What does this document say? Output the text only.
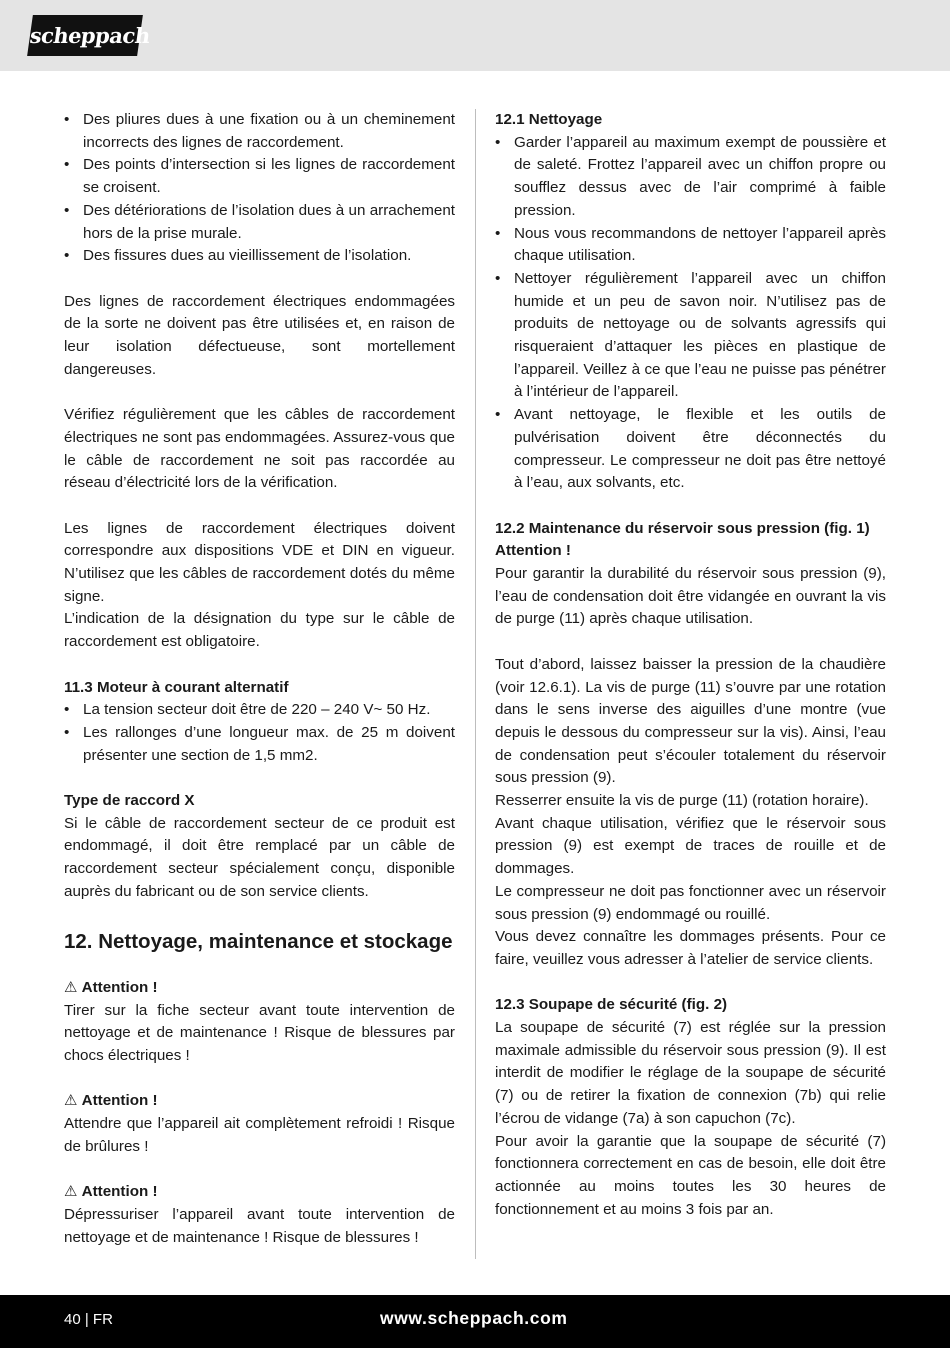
scheppach
• Des pliures dues à une fixation ou à un cheminement incorrects des lignes de raccordement.
• Des points d’intersection si les lignes de raccordement se croisent.
• Des détériorations de l’isolation dues à un arrachement hors de la prise murale.
• Des fissures dues au vieillissement de l’isolation.

Des lignes de raccordement électriques endommagées de la sorte ne doivent pas être utilisées et, en raison de leur isolation défectueuse, sont mortellement dangereuses.

Vérifiez régulièrement que les câbles de raccordement électriques ne sont pas endommagées. Assurez-vous que le câble de raccordement ne soit pas raccordée au réseau d’électricité lors de la vérification.

Les lignes de raccordement électriques doivent correspondre aux dispositions VDE et DIN en vigueur. N’utilisez que les câbles de raccordement dotés du même signe.

L’indication de la désignation du type sur le câble de raccordement est obligatoire.

11.3 Moteur à courant alternatif

• La tension secteur doit être de 220 – 240 V~ 50 Hz.
• Les rallonges d’une longueur max. de 25 m doivent présenter une section de 1,5 mm2.

Type de raccord X

Si le câble de raccordement secteur de ce produit est endommagé, il doit être remplacé par un câble de raccordement secteur spécialement conçu, disponible auprès du fabricant ou de son service clients.

12. Nettoyage, maintenance et stockage

⚠ Attention !

Tirer sur la fiche secteur avant toute intervention de nettoyage et de maintenance ! Risque de blessures par chocs électriques !

⚠ Attention !

Attendre que l’appareil ait complètement refroidi ! Risque de brûlures !

⚠ Attention !

Dépressuriser l’appareil avant toute intervention de nettoyage et de maintenance ! Risque de blessures !

12.1 Nettoyage

• Garder l’appareil au maximum exempt de poussière et de saleté. Frottez l’appareil avec un chiffon propre ou soufflez dessus avec de l’air comprimé à faible pression.
• Nous vous recommandons de nettoyer l’appareil après chaque utilisation.
• Nettoyer régulièrement l’appareil avec un chiffon humide et un peu de savon noir. N’utilisez pas de produits de nettoyage ou de solvants agressifs qui risqueraient d’attaquer les pièces en plastique de l’appareil. Veillez à ce que l’eau ne puisse pas pénétrer à l’intérieur de l’appareil.
• Avant nettoyage, le flexible et les outils de pulvérisation doivent être déconnectés du compresseur. Le compresseur ne doit pas être nettoyé à l’eau, aux solvants, etc.

12.2 Maintenance du réservoir sous pression (fig. 1)

Attention !

Pour garantir la durabilité du réservoir sous pression (9), l’eau de condensation doit être vidangée en ouvrant la vis de purge (11) après chaque utilisation.

Tout d’abord, laissez baisser la pression de la chaudière (voir 12.6.1). La vis de purge (11) s’ouvre par une rotation dans le sens inverse des aiguilles d’une montre (vue depuis le dessous du compresseur sur la vis). Ainsi, l’eau de condensation peut s’écouler totalement du réservoir sous pression (9).

Resserrer ensuite la vis de purge (11) (rotation horaire).

Avant chaque utilisation, vérifiez que le réservoir sous pression (9) est exempt de traces de rouille et de dommages.

Le compresseur ne doit pas fonctionner avec un réservoir sous pression (9) endommagé ou rouillé.

Vous devez connaître les dommages présents. Pour ce faire, veuillez vous adresser à l’atelier de service clients.

12.3 Soupape de sécurité (fig. 2)

La soupape de sécurité (7) est réglée sur la pression maximale admissible du réservoir sous pression (9). Il est interdit de modifier le réglage de la soupape de sécurité (7) ou de retirer la fixation de connexion (7b) qui relie l’écrou de vidange (7a) à son capuchon (7c).

Pour avoir la garantie que la soupape de sécurité (7) fonctionnera correctement en cas de besoin, elle doit être actionnée au moins toutes les 30 heures de fonctionnement et au moins 3 fois par an.

40 | FR	www.scheppach.com
